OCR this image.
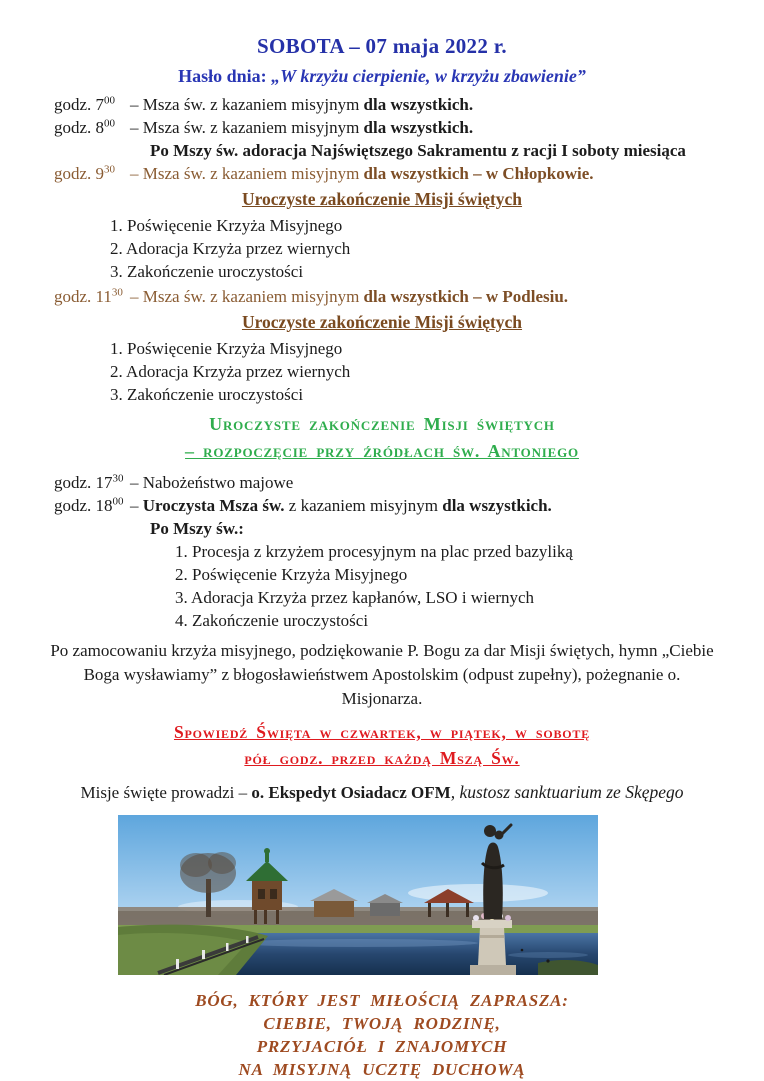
SOBOTA – 07 maja 2022 r.
Hasło dnia: „W krzyżu cierpienie, w krzyżu zbawienie”
godz. $7^{00}$ – Msza św. z kazaniem misyjnym dla wszystkich.
godz. $8^{00}$ – Msza św. z kazaniem misyjnym dla wszystkich.
Po Mszy św. adoracja Najświętszego Sakramentu z racji I soboty miesiąca
godz. $9^{30}$ – Msza św. z kazaniem misyjnym dla wszystkich – w Chłopkowie.
Uroczyste zakończenie Misji świętych
1. Poświęcenie Krzyża Misyjnego
2. Adoracja Krzyża przez wiernych
3. Zakończenie uroczystości
godz. $11^{30}$ – Msza św. z kazaniem misyjnym dla wszystkich – w Podlesiu.
Uroczyste zakończenie Misji świętych
1. Poświęcenie Krzyża Misyjnego
2. Adoracja Krzyża przez wiernych
3. Zakończenie uroczystości
Uroczyste zakończenie Misji świętych
– rozpoczęcie przy źródłach św. Antoniego
godz. $17^{30}$ – Nabożeństwo majowe
godz. $18^{00}$ – Uroczysta Msza św. z kazaniem misyjnym dla wszystkich.
Po Mszy św.:
1. Procesja z krzyżem procesyjnym na plac przed bazyliką
2. Poświęcenie Krzyża Misyjnego
3. Adoracja Krzyża przez kapłanów, LSO i wiernych
4. Zakończenie uroczystości
Po zamocowaniu krzyża misyjnego, podziękowanie P. Bogu za dar Misji świętych, hymn „Ciebie Boga wysławiamy” z błogosławieństwem Apostolskim (odpust zupełny), pożegnanie o. Misjonarza.
Spowiedź Święta w czwartek, w piątek, w sobotę
pół godz. przed każdą Mszą Św.
Misje święte prowadzi – o. Ekspedyt Osiadacz OFM, kustosz sanktuarium ze Skępego
BÓG, KTÓRY JEST MIŁOŚCIĄ ZAPRASZA:
CIEBIE, TWOJĄ RODZINĘ,
PRZYJACIÓŁ I ZNAJOMYCH
NA MISYJNĄ UCZTĘ DUCHOWĄ
